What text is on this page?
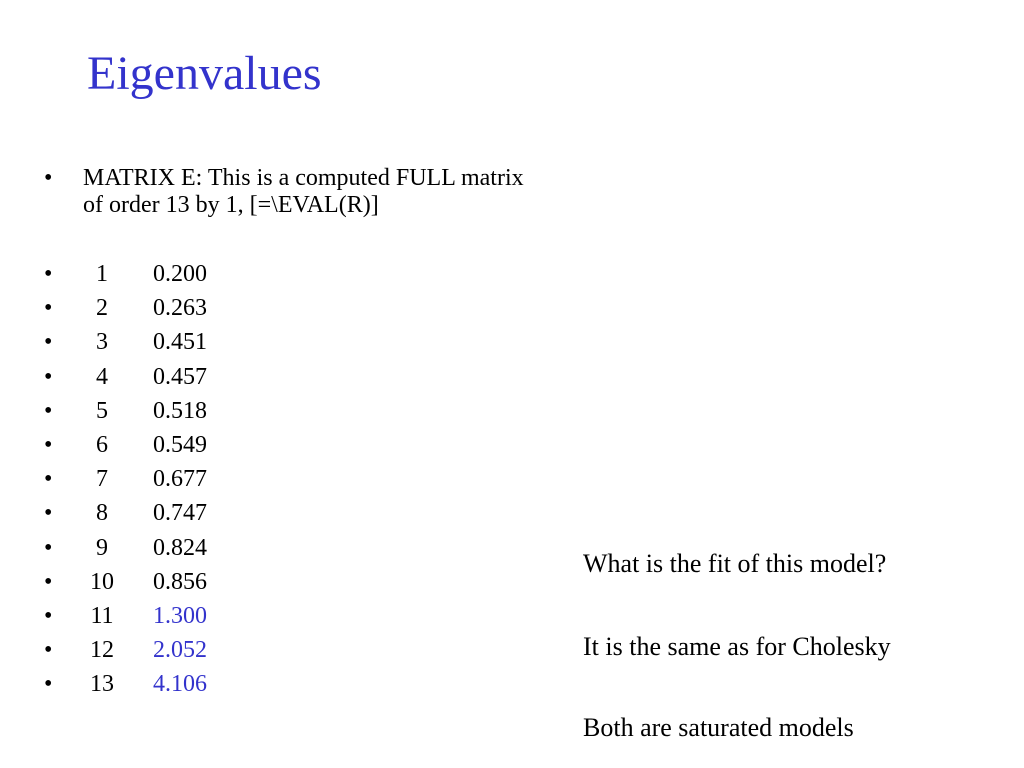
Eigenvalues
• MATRIX E: This is a computed FULL matrix
of order 13 by 1, [=\EVAL(R)]
•	1	0.200
•	2	0.263
•	3	0.451
•	4	0.457
•	5	0.518
•	6	0.549
•	7	0.677
•	8	0.747
•	9	0.824
• 10 0.856
• 11 1.300
• 12 2.052
• 13 4.106
What is the fit of this model?
It is the same as for Cholesky
Both are saturated models
